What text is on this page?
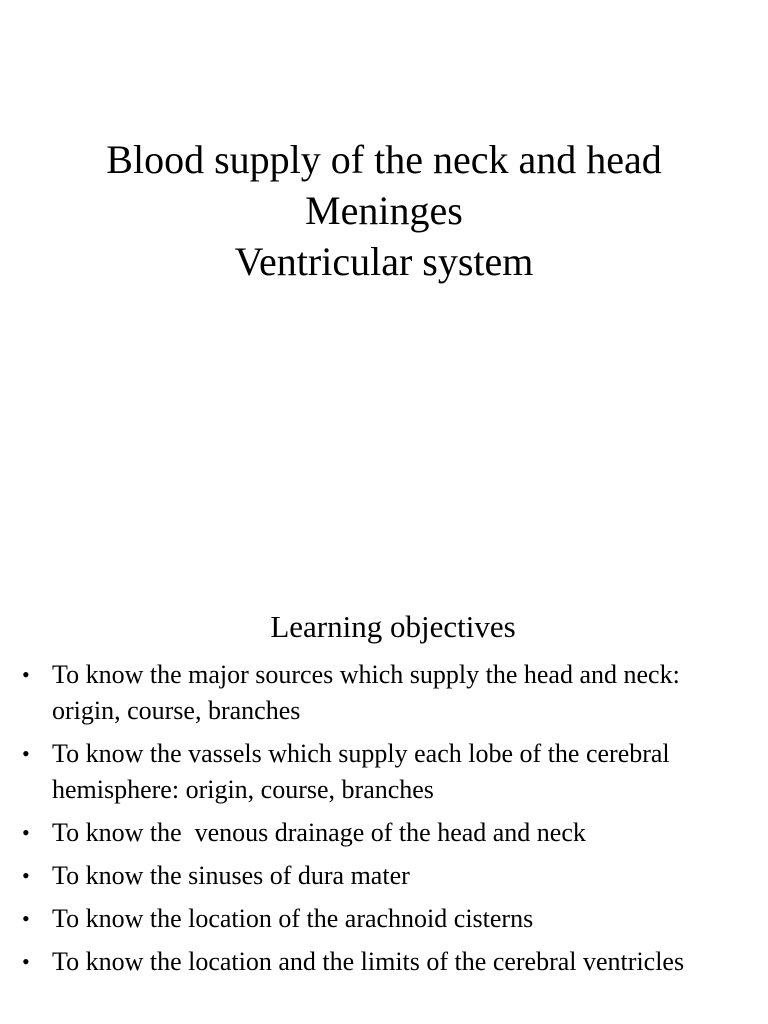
Blood supply of the neck and head
Meninges
Ventricular system
Learning objectives
• To know the major sources which supply the head and neck: origin, course, branches
• To know the vassels which supply each lobe of the cerebral hemisphere: origin, course, branches
• To know the  venous drainage of the head and neck
• To know the sinuses of dura mater
• To know the location of the arachnoid cisterns
• To know the location and the limits of the cerebral ventricles
